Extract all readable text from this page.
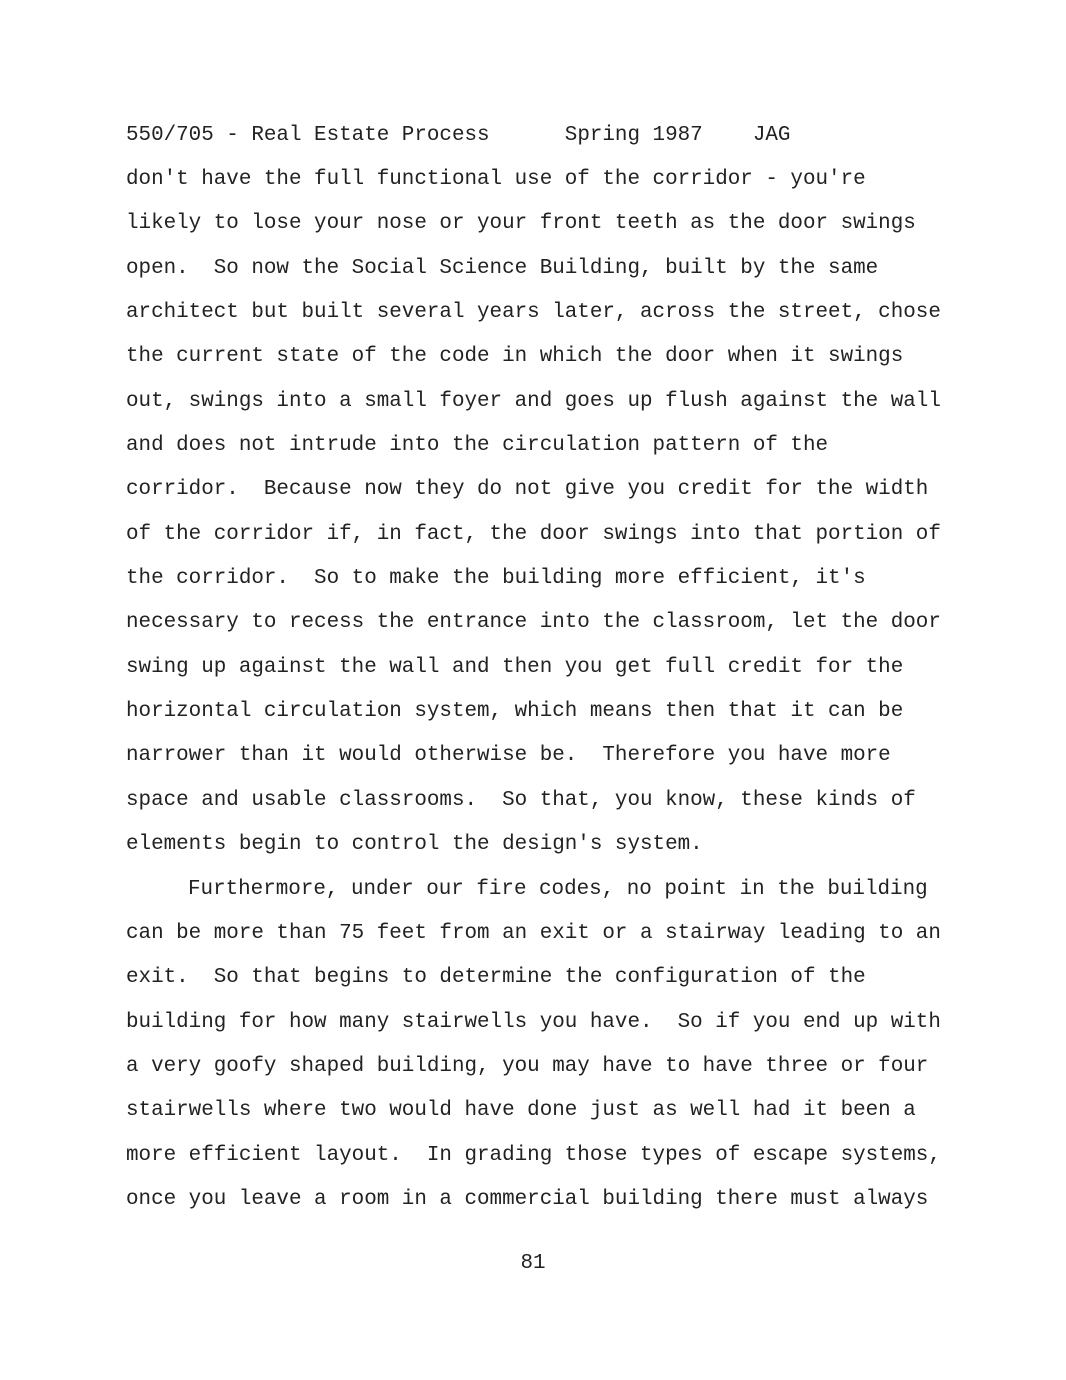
550/705 - Real Estate Process	Spring 1987 JAG
don't have the full functional use of the corridor - you're
likely to lose your nose or your front teeth as the door swings
open.  So now the Social Science Building, built by the same
architect but built several years later, across the street, chose
the current state of the code in which the door when it swings
out, swings into a small foyer and goes up flush against the wall
and does not intrude into the circulation pattern of the
corridor.  Because now they do not give you credit for the width
of the corridor if, in fact, the door swings into that portion of
the corridor.  So to make the building more efficient, it's
necessary to recess the entrance into the classroom, let the door
swing up against the wall and then you get full credit for the
horizontal circulation system, which means then that it can be
narrower than it would otherwise be.  Therefore you have more
space and usable classrooms.  So that, you know, these kinds of
elements begin to control the design's system.
Furthermore, under our fire codes, no point in the building
can be more than 75 feet from an exit or a stairway leading to an
exit.  So that begins to determine the configuration of the
building for how many stairwells you have.  So if you end up with
a very goofy shaped building, you may have to have three or four
stairwells where two would have done just as well had it been a
more efficient layout.  In grading those types of escape systems,
once you leave a room in a commercial building there must always
81
